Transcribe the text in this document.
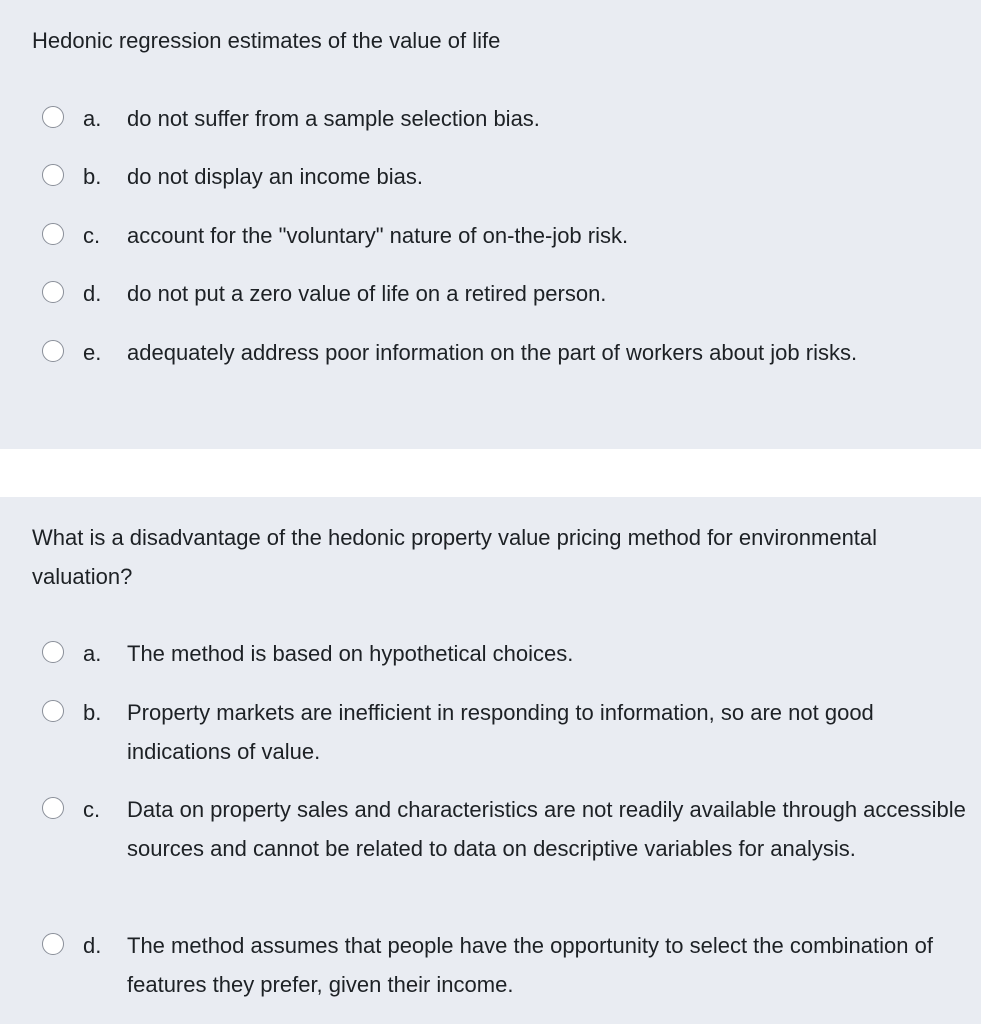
Hedonic regression estimates of the value of life

a. do not suffer from a sample selection bias.
b. do not display an income bias.
c. account for the "voluntary" nature of on-the-job risk.
d. do not put a zero value of life on a retired person.
e. adequately address poor information on the part of workers about job risks.

What is a disadvantage of the hedonic property value pricing method for environmental valuation?

a. The method is based on hypothetical choices.
b. Property markets are inefficient in responding to information, so are not good indications of value.
c. Data on property sales and characteristics are not readily available through accessible sources and cannot be related to data on descriptive variables for analysis.
d. The method assumes that people have the opportunity to select the combination of features they prefer, given their income.
